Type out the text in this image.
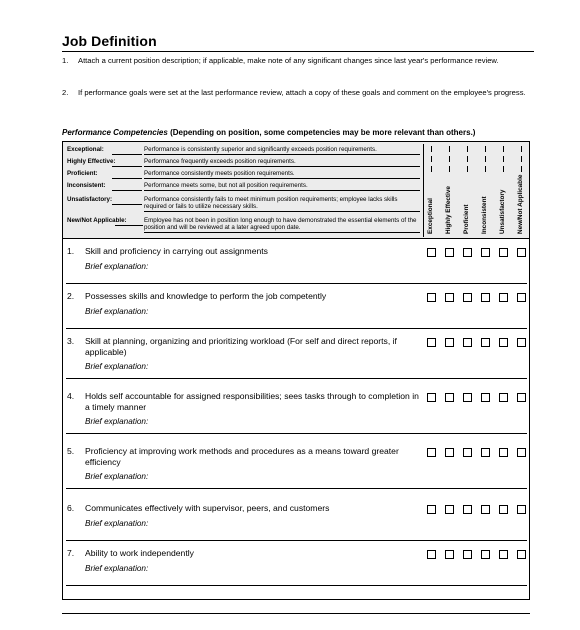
Job Definition
1. Attach a current position description; if applicable, make note of any significant changes since last year's performance review.
2. If performance goals were set at the last performance review, attach a copy of these goals and comment on the employee's progress.
Performance Competencies (Depending on position, some competencies may be more relevant than others.)
Exceptional:	Performance is consistently superior and significantly exceeds position requirements.
Highly Effective:	Performance frequently exceeds position requirements.
Proficient:	Performance consistently meets position requirements.
Inconsistent:	Performance meets some, but not all position requirements.
Unsatisfactory:	Performance consistently fails to meet minimum position requirements; employee lacks skills required or fails to utilize necessary skills.
New/Not Applicable:	Employee has not been in position long enough to have demonstrated the essential elements of the position and will be reviewed at a later agreed upon date.	Exceptional	Highly Effective	Proficient	Inconsistent	Unsatisfactory	New/Not Applicable
1. Skill and proficiency in carrying out assignments
Brief explanation:
2. Possesses skills and knowledge to perform the job competently
Brief explanation:
3. Skill at planning, organizing and prioritizing workload (For self and direct reports, if applicable)
Brief explanation:
4. Holds self accountable for assigned responsibilities; sees tasks through to completion in a timely manner
Brief explanation:
5. Proficiency at improving work methods and procedures as a means toward greater efficiency
Brief explanation:
6. Communicates effectively with supervisor, peers, and customers
Brief explanation:
7. Ability to work independently
Brief explanation:
